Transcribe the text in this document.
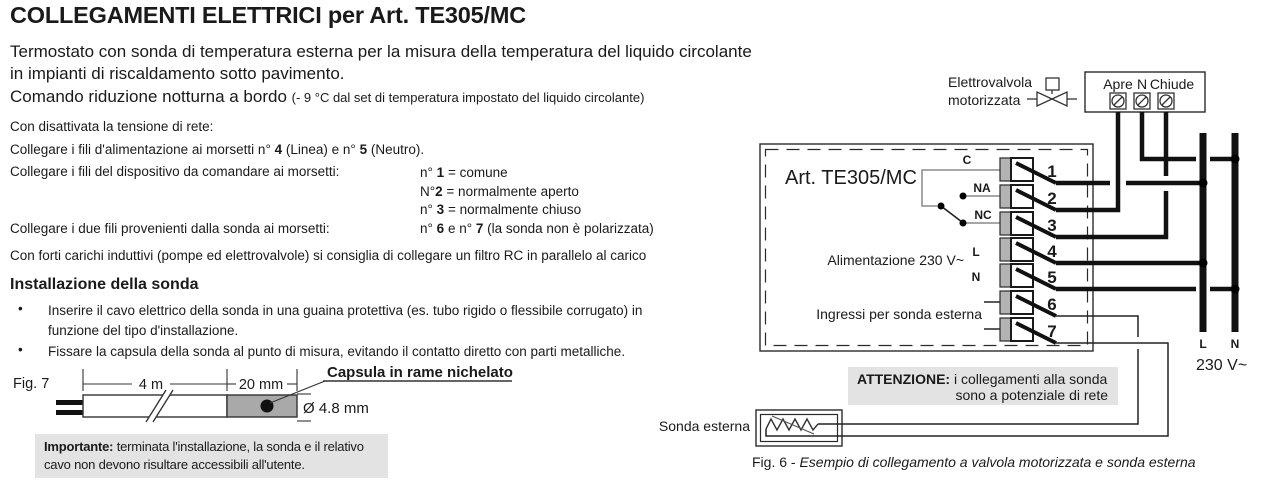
COLLEGAMENTI ELETTRICI per Art. TE305/MC
Termostato con sonda di temperatura esterna per la misura della temperatura del liquido circolante
in impianti di riscaldamento sotto pavimento.
Comando riduzione notturna a bordo (- 9 °C dal set di temperatura impostato del liquido circolante)
Con disattivata la tensione di rete:
Collegare i fili d'alimentazione ai morsetti n° 4 (Linea) e n° 5 (Neutro).
Collegare i fili del dispositivo da comandare ai morsetti:	n° 1 = comune
N°2 = normalmente aperto
n° 3 = normalmente chiuso
Collegare i due fili provenienti dalla sonda ai morsetti:	n° 6 e n° 7 (la sonda non è polarizzata)
Con forti carichi induttivi (pompe ed elettrovalvole) si consiglia di collegare un filtro RC in parallelo al carico
Installazione della sonda
• Inserire il cavo elettrico della sonda in una guaina protettiva (es. tubo rigido o flessibile corrugato) in
funzione del tipo d'installazione.
• Fissare la capsula della sonda al punto di misura, evitando il contatto diretto con parti metalliche.
Fig. 7	4 m	20 mm
Capsula in rame nichelato
Ø 4.8 mm
Importante: terminata l'installazione, la sonda e il relativo
cavo non devono risultare accessibili all'utente.
Elettrovalvola
motorizzata
Apre N Chiude
Art. TE305/MC
C
NA
NC
L
N
Alimentazione 230 V~
Ingressi per sonda esterna
1
2
3
4
5
6
7
L N
230 V~
ATTENZIONE: i collegamenti alla sonda
sono a potenziale di rete
Sonda esterna
Fig. 6 - Esempio di collegamento a valvola motorizzata e sonda esterna
